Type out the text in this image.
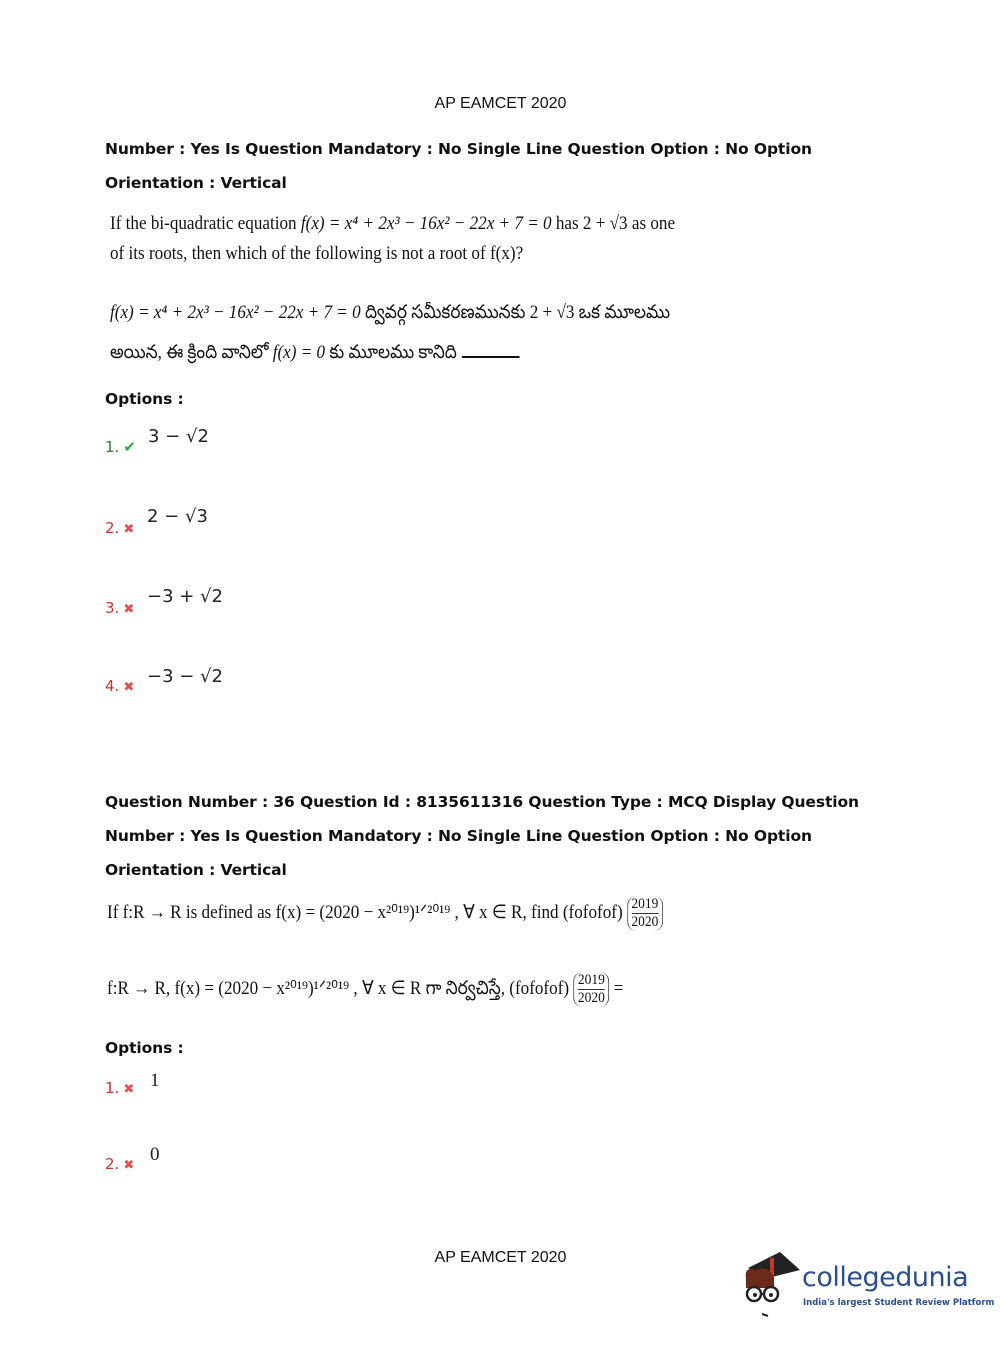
AP EAMCET 2020
Number : Yes Is Question Mandatory : No Single Line Question Option : No Option
Orientation : Vertical
If the bi-quadratic equation f(x) = x⁴ + 2x³ − 16x² − 22x + 7 = 0 has 2 + √3 as one
of its roots, then which of the following is not a root of f(x)?
f(x) = x⁴ + 2x³ − 16x² − 22x + 7 = 0 ద్వివర్గ సమీకరణమునకు 2 + √3 ఒక మూలము
అయిన, ఈ క్రింది వానిలో f(x) = 0 కు మూలము కానిది
Options :
1. ✔ 3 − √2
2. ✖
2 − √3
3. ✖
−3 + √2
4. ✖
−3 − √2
Question Number : 36 Question Id : 8135611316 Question Type : MCQ Display Question
Number : Yes Is Question Mandatory : No Single Line Question Option : No Option
Orientation : Vertical
If f:R → R is defined as f(x) = (2020 − x²⁰¹⁹)¹ᐟ²⁰¹⁹ , ∀ x ∈ R, find (fofofof) $\frac{2019}{2020}$
f:R → R, f(x) = (2020 − x²⁰¹⁹)¹ᐟ²⁰¹⁹ , ∀ x ∈ R గా నిర్వచిస్తే, (fofofof) $\frac{2019}{2020}$ =
Options :
1. ✖ 1
2. ✖
0
AP EAMCET 2020
collegedunia
India's largest Student Review Platform
